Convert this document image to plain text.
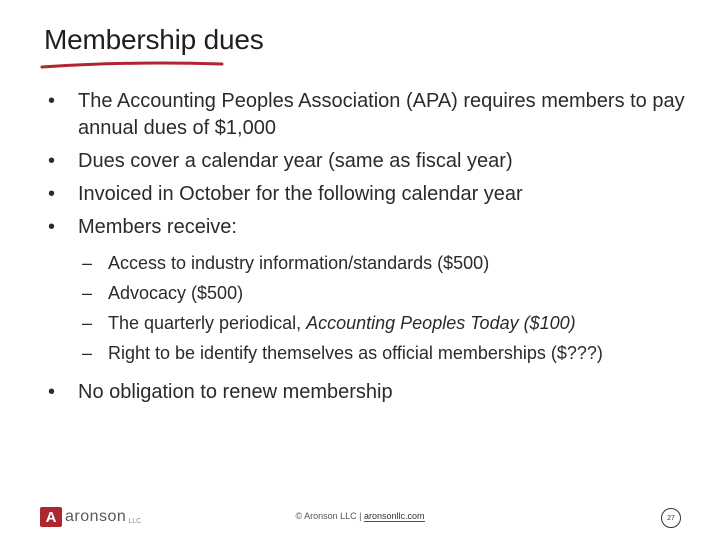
Membership dues
•	The Accounting Peoples Association (APA) requires members to pay annual dues of $1,000
•	Dues cover a calendar year (same as fiscal year)
•	Invoiced in October for the following calendar year
•	Members receive:
– Access to industry information/standards ($500)
– Advocacy ($500)
– The quarterly periodical, Accounting Peoples Today ($100)
– Right to be identify themselves as official memberships ($???)
•	No obligation to renew membership
A aronson LLC	© Aronson LLC | aronsonllc.com	27
